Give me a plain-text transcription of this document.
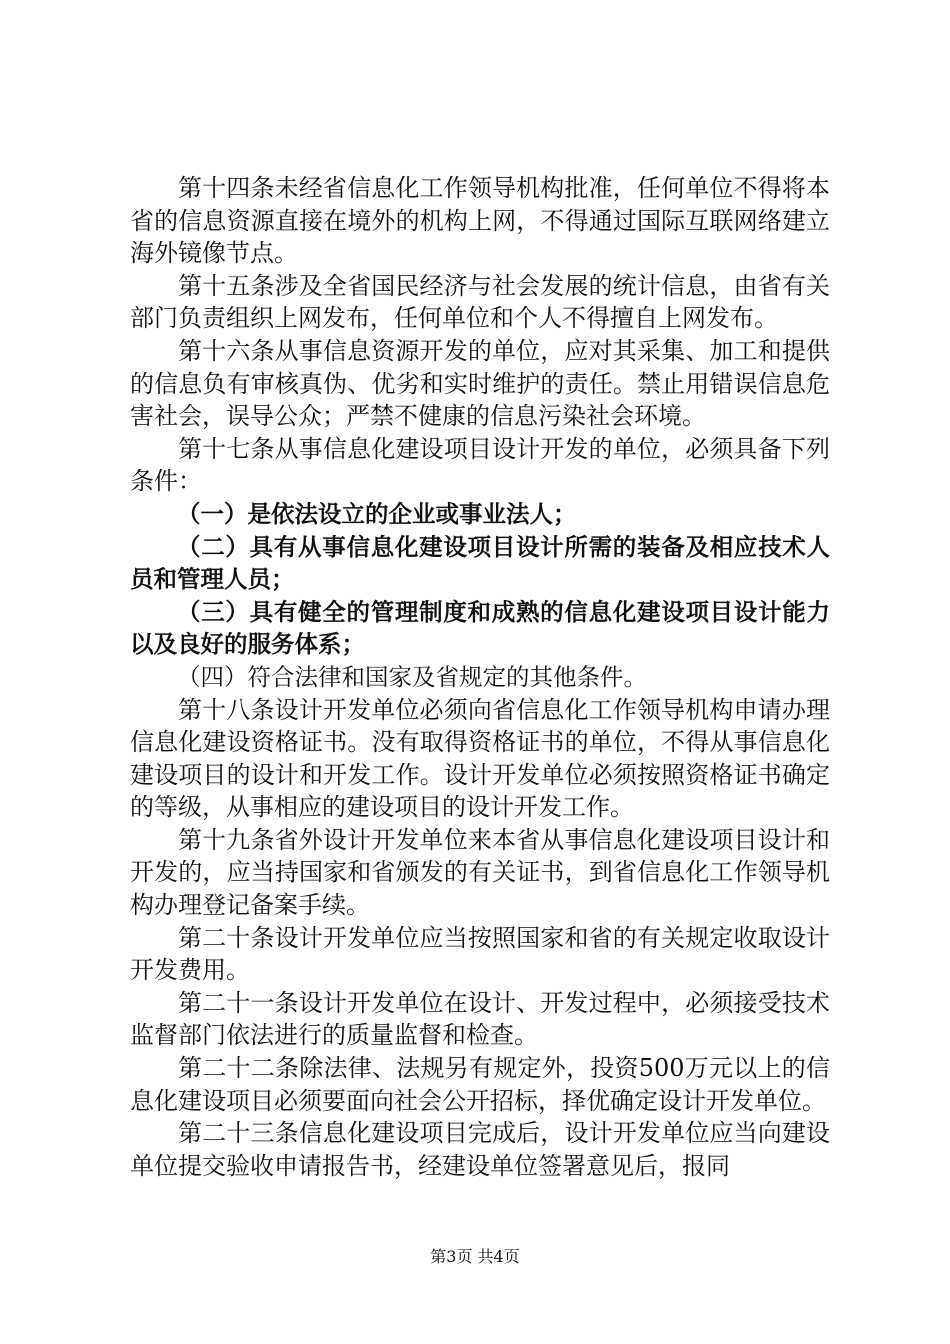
第十四条未经省信息化工作领导机构批准，任何单位不得将本省的信息资源直接在境外的机构上网，不得通过国际互联网络建立海外镜像节点。

第十五条涉及全省国民经济与社会发展的统计信息，由省有关部门负责组织上网发布，任何单位和个人不得擅自上网发布。

第十六条从事信息资源开发的单位，应对其采集、加工和提供的信息负有审核真伪、优劣和实时维护的责任。禁止用错误信息危害社会，误导公众；严禁不健康的信息污染社会环境。

第十七条从事信息化建设项目设计开发的单位，必须具备下列条件：

（一）是依法设立的企业或事业法人；

（二）具有从事信息化建设项目设计所需的装备及相应技术人员和管理人员；

（三）具有健全的管理制度和成熟的信息化建设项目设计能力以及良好的服务体系；

（四）符合法律和国家及省规定的其他条件。

第十八条设计开发单位必须向省信息化工作领导机构申请办理信息化建设资格证书。没有取得资格证书的单位，不得从事信息化建设项目的设计和开发工作。设计开发单位必须按照资格证书确定的等级，从事相应的建设项目的设计开发工作。

第十九条省外设计开发单位来本省从事信息化建设项目设计和开发的，应当持国家和省颁发的有关证书，到省信息化工作领导机构办理登记备案手续。

第二十条设计开发单位应当按照国家和省的有关规定收取设计开发费用。

第二十一条设计开发单位在设计、开发过程中，必须接受技术监督部门依法进行的质量监督和检查。

第二十二条除法律、法规另有规定外，投资500万元以上的信息化建设项目必须要面向社会公开招标，择优确定设计开发单位。

第二十三条信息化建设项目完成后，设计开发单位应当向建设单位提交验收申请报告书，经建设单位签署意见后，报同

第3页 共4页
